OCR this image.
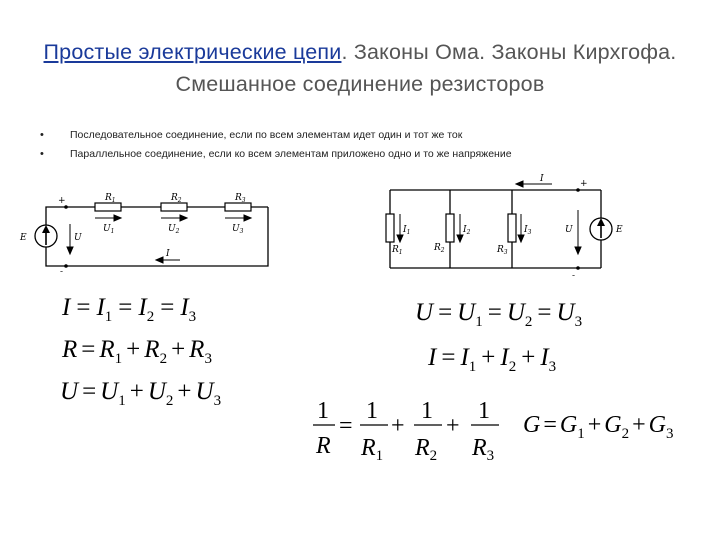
Простые электрические цепи. Законы Ома. Законы Кирхгофа. Смешанное соединение резисторов
• Последовательное соединение, если по всем элементам идет один и тот же ток
• Параллельное соединение, если ко всем элементам приложено одно и то же напряжение
E	U
+
-
$R_1$	$R_2$	$R_3$
$U_1$	$U_2$	$U_3$
I
I	+
-
U	E
$I_1$	$I_2$	$I_3$
$R_1$	$R_2$	$R_3$
$I = I_1 = I_2 = I_3$
$R = R_1 + R_2 + R_3$
$U = U_1 + U_2 + U_3$
$U = U_1 = U_2 = U_3$
$I = I_1 + I_2 + I_3$
1
R
=
1
$R_1$
+
1
$R_2$
+
1
$R_3$
$G = G_1 + G_2 + G_3$
